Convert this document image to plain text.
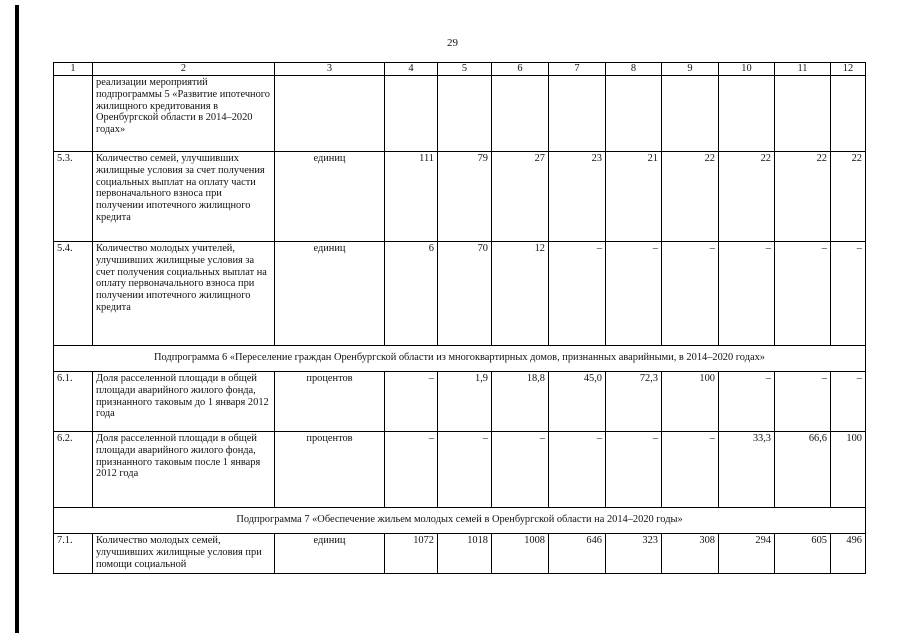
29
1	2	3	4	5	6	7	8	9	10	11	12
	реализации мероприятий подпрограммы 5 «Развитие ипотечного жилищного кредитования в Оренбургской области в 2014–2020 годах»										
5.3.	Количество семей, улучшивших жилищные условия за счет получения социальных выплат на оплату части первоначального взноса при получении ипотечного жилищного кредита	единиц	111	79	27	23	21	22	22	22	22
5.4.	Количество молодых учителей, улучшивших жилищные условия за счет получения социальных выплат на оплату первоначального взноса при получении ипотечного жилищного кредита	единиц	6	70	12	–	–	–	–	–	–
Подпрограмма 6 «Переселение граждан Оренбургской области из многоквартирных домов, признанных аварийными, в 2014–2020 годах»											
6.1.	Доля расселенной площади в общей площади аварийного жилого фонда, признанного таковым до 1 января 2012 года	процентов	–	1,9	18,8	45,0	72,3	100	–	–	–
6.2.	Доля расселенной площади в общей площади аварийного жилого фонда, признанного таковым после 1 января 2012 года	процентов	–	–	–	–	–	–	33,3	66,6	100
Подпрограмма 7 «Обеспечение жильем молодых семей в Оренбургской области на 2014–2020 годы»											
7.1.	Количество молодых семей, улучшивших жилищные условия при помощи социальной	единиц	1072	1018	1008	646	323	308	294	605	496
